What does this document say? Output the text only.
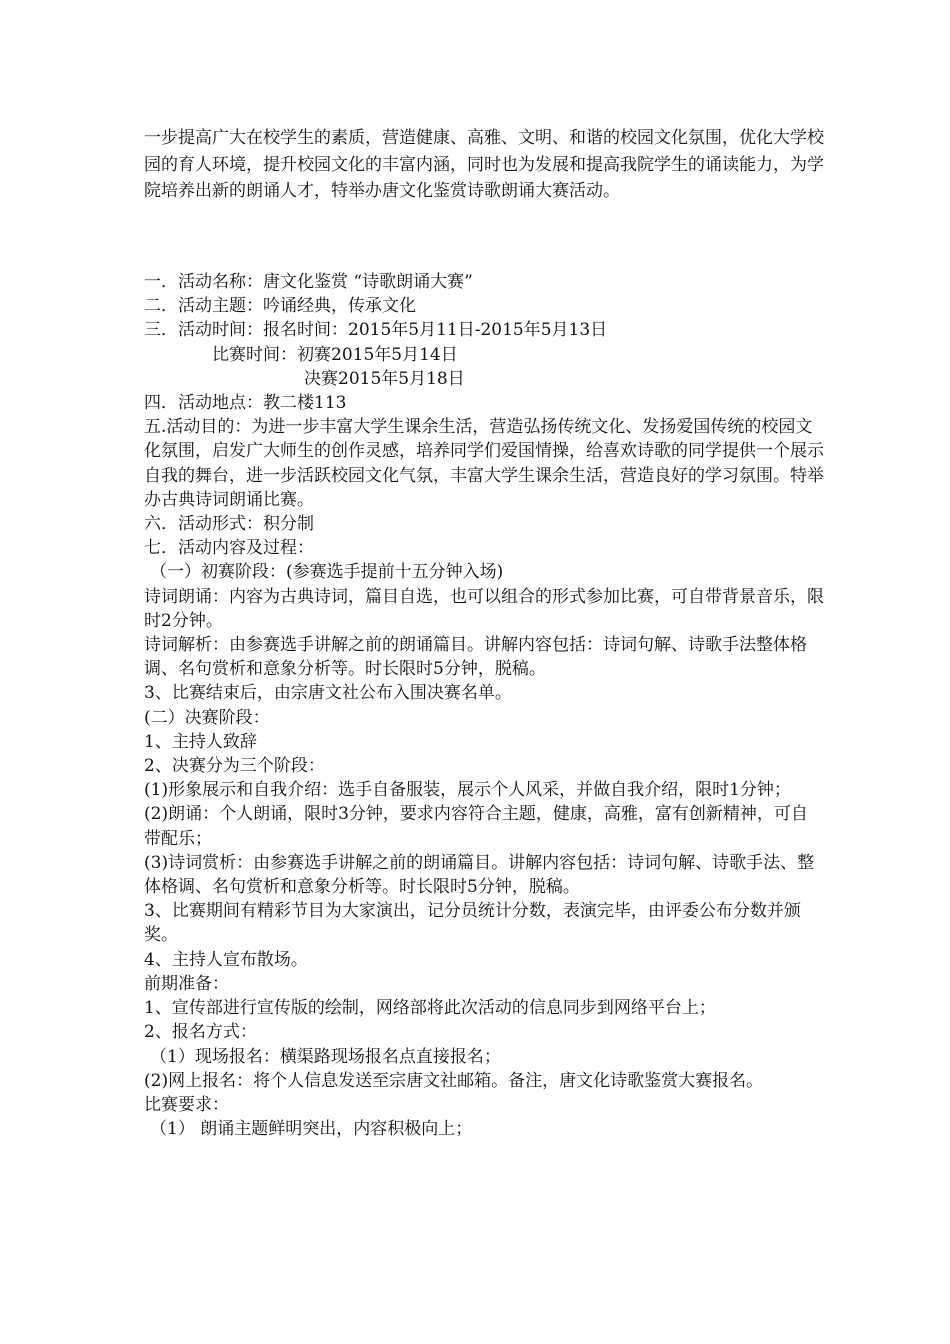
一步提高广大在校学生的素质，营造健康、高雅、文明、和谐的校园文化氛围，优化大学校园的育人环境，提升校园文化的丰富内涵，同时也为发展和提高我院学生的诵读能力，为学院培养出新的朗诵人才，特举办唐文化鉴赏诗歌朗诵大赛活动。

一．活动名称：唐文化鉴赏 “诗歌朗诵大赛”
二．活动主题：吟诵经典，传承文化
三．活动时间：报名时间：2015年5月11日-2015年5月13日
比赛时间：初赛2015年5月14日
决赛2015年5月18日
四．活动地点：教二楼113
五.活动目的：为进一步丰富大学生课余生活，营造弘扬传统文化、发扬爱国传统的校园文化氛围，启发广大师生的创作灵感，培养同学们爱国情操，给喜欢诗歌的同学提供一个展示自我的舞台，进一步活跃校园文化气氛，丰富大学生课余生活，营造良好的学习氛围。特举办古典诗词朗诵比赛。
六．活动形式：积分制
七．活动内容及过程：
（一）初赛阶段：(参赛选手提前十五分钟入场)
诗词朗诵：内容为古典诗词，篇目自选，也可以组合的形式参加比赛，可自带背景音乐，限时2分钟。
诗词解析：由参赛选手讲解之前的朗诵篇目。讲解内容包括：诗词句解、诗歌手法整体格调、名句赏析和意象分析等。时长限时5分钟，脱稿。
3、比赛结束后，由宗唐文社公布入围决赛名单。
(二）决赛阶段：
1、主持人致辞
2、决赛分为三个阶段：
(1)形象展示和自我介绍：选手自备服装，展示个人风采，并做自我介绍，限时1分钟；
(2)朗诵：个人朗诵，限时3分钟，要求内容符合主题，健康，高雅，富有创新精神，可自带配乐；
(3)诗词赏析：由参赛选手讲解之前的朗诵篇目。讲解内容包括：诗词句解、诗歌手法、整体格调、名句赏析和意象分析等。时长限时5分钟，脱稿。
3、比赛期间有精彩节目为大家演出，记分员统计分数，表演完毕，由评委公布分数并颁奖。
4、主持人宣布散场。
前期准备：
1、宣传部进行宣传版的绘制，网络部将此次活动的信息同步到网络平台上；
2、报名方式：
（1）现场报名：横渠路现场报名点直接报名；
(2)网上报名：将个人信息发送至宗唐文社邮箱。备注，唐文化诗歌鉴赏大赛报名。
比赛要求：
（1） 朗诵主题鲜明突出，内容积极向上；
